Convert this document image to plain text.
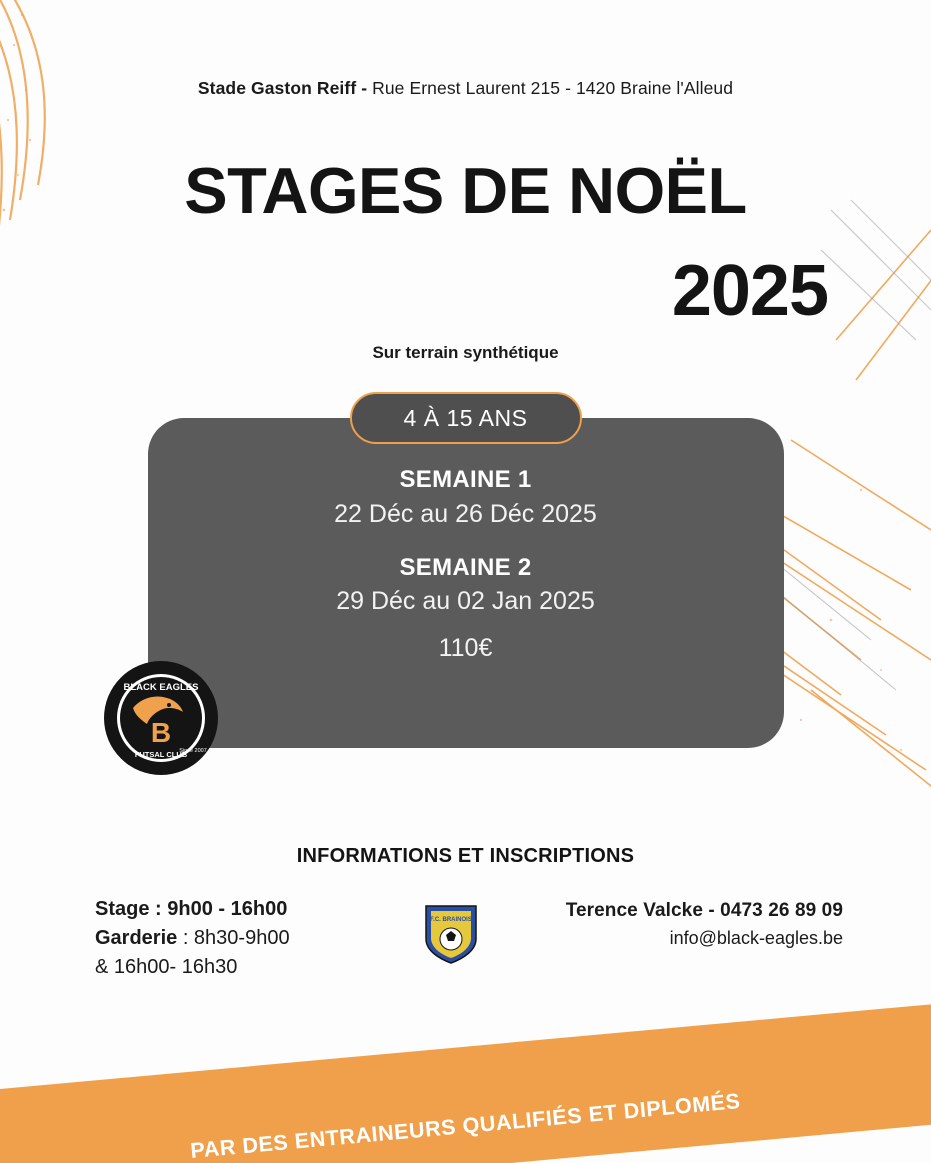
Stade Gaston Reiff - Rue Ernest Laurent 215 - 1420 Braine l'Alleud
STAGES DE NOËL
2025
Sur terrain synthétique
4 À 15 ANS
SEMAINE 1
22 Déc au 26 Déc 2025
SEMAINE 2
29 Déc au 02 Jan 2025
110€
BLACK EAGLES
B
FUTSAL CLUB
Since 2007
INFORMATIONS ET INSCRIPTIONS
Stage : 9h00 - 16h00
Garderie : 8h30-9h00
& 16h00- 16h30
F.C. BRAINOIS	Terence Valcke - 0473 26 89 09
info@black-eagles.be
PAR DES ENTRAINEURS QUALIFIÉS ET DIPLOMÉS
